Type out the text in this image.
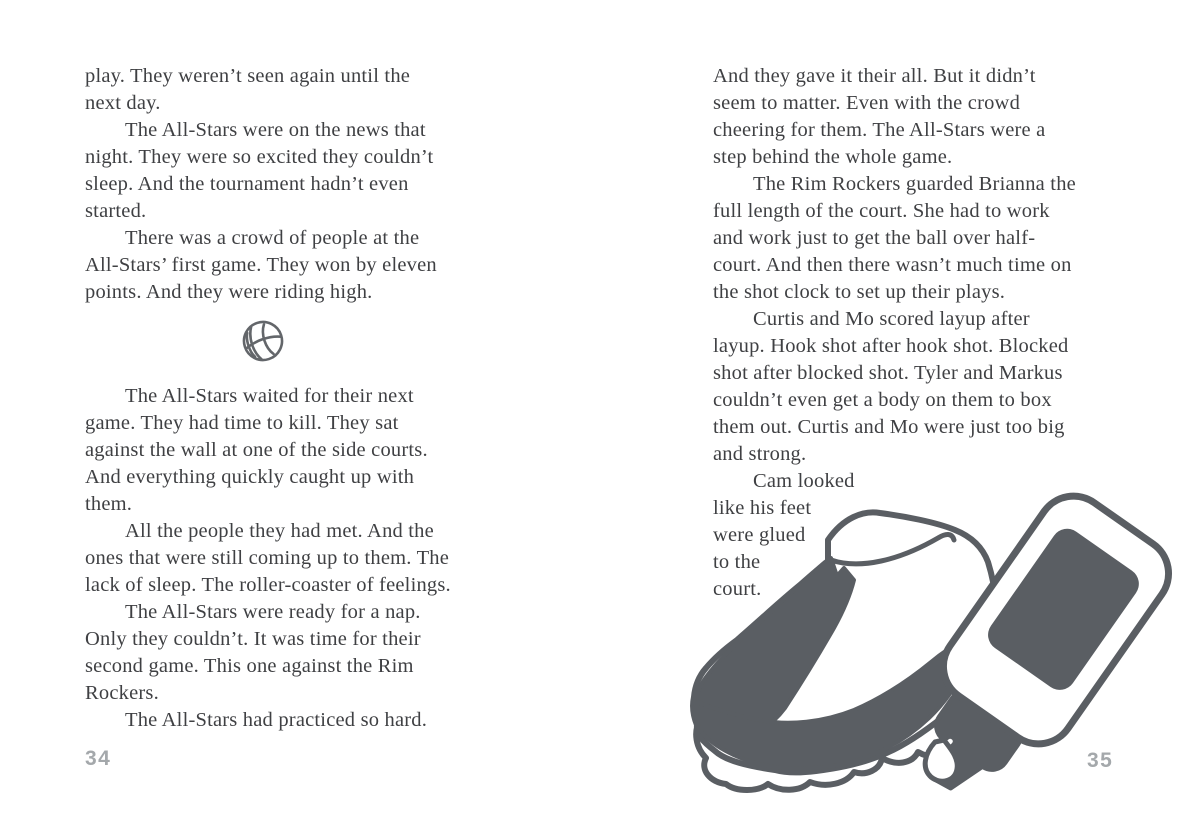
play. They weren’t seen again until the
next day.
The All-Stars were on the news that
night. They were so excited they couldn’t
sleep. And the tournament hadn’t even
started.
There was a crowd of people at the
All-Stars’ first game. They won by eleven
points. And they were riding high.
The All-Stars waited for their next
game. They had time to kill. They sat
against the wall at one of the side courts.
And everything quickly caught up with
them.
All the people they had met. And the
ones that were still coming up to them. The
lack of sleep. The roller-coaster of feelings.
The All-Stars were ready for a nap.
Only they couldn’t. It was time for their
second game. This one against the Rim
Rockers.
The All-Stars had practiced so hard.
And they gave it their all. But it didn’t
seem to matter. Even with the crowd
cheering for them. The All-Stars were a
step behind the whole game.
The Rim Rockers guarded Brianna the
full length of the court. She had to work
and work just to get the ball over half-
court. And then there wasn’t much time on
the shot clock to set up their plays.
Curtis and Mo scored layup after
layup. Hook shot after hook shot. Blocked
shot after blocked shot. Tyler and Markus
couldn’t even get a body on them to box
them out. Curtis and Mo were just too big
and strong.
Cam looked
like his feet
were glued
to the
court.
34	35
